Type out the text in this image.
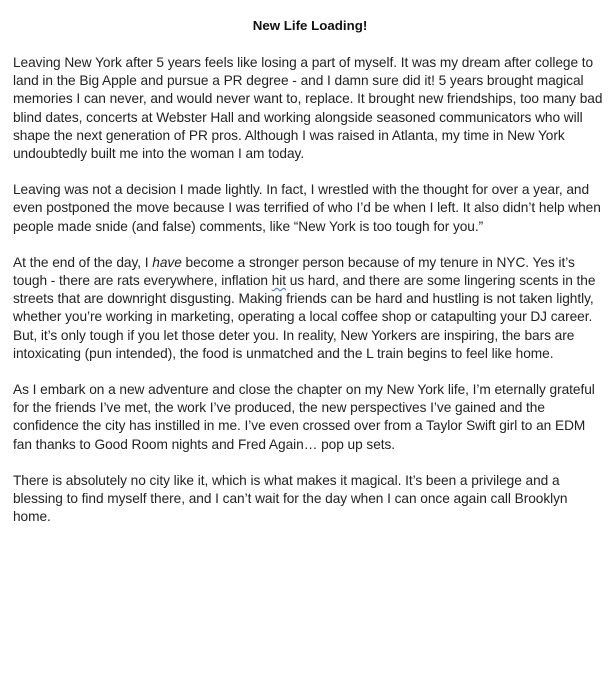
New Life Loading!

Leaving New York after 5 years feels like losing a part of myself. It was my dream after college to land in the Big Apple and pursue a PR degree - and I damn sure did it! 5 years brought magical memories I can never, and would never want to, replace. It brought new friendships, too many bad blind dates, concerts at Webster Hall and working alongside seasoned communicators who will shape the next generation of PR pros. Although I was raised in Atlanta, my time in New York undoubtedly built me into the woman I am today.

Leaving was not a decision I made lightly. In fact, I wrestled with the thought for over a year, and even postponed the move because I was terrified of who I’d be when I left. It also didn’t help when people made snide (and false) comments, like “New York is too tough for you.”

At the end of the day, I have become a stronger person because of my tenure in NYC. Yes it’s tough - there are rats everywhere, inflation hit us hard, and there are some lingering scents in the streets that are downright disgusting. Making friends can be hard and hustling is not taken lightly, whether you’re working in marketing, operating a local coffee shop or catapulting your DJ career. But, it’s only tough if you let those deter you. In reality, New Yorkers are inspiring, the bars are intoxicating (pun intended), the food is unmatched and the L train begins to feel like home.

As I embark on a new adventure and close the chapter on my New York life, I’m eternally grateful for the friends I’ve met, the work I’ve produced, the new perspectives I’ve gained and the confidence the city has instilled in me. I’ve even crossed over from a Taylor Swift girl to an EDM fan thanks to Good Room nights and Fred Again… pop up sets.

There is absolutely no city like it, which is what makes it magical. It’s been a privilege and a blessing to find myself there, and I can’t wait for the day when I can once again call Brooklyn home.
